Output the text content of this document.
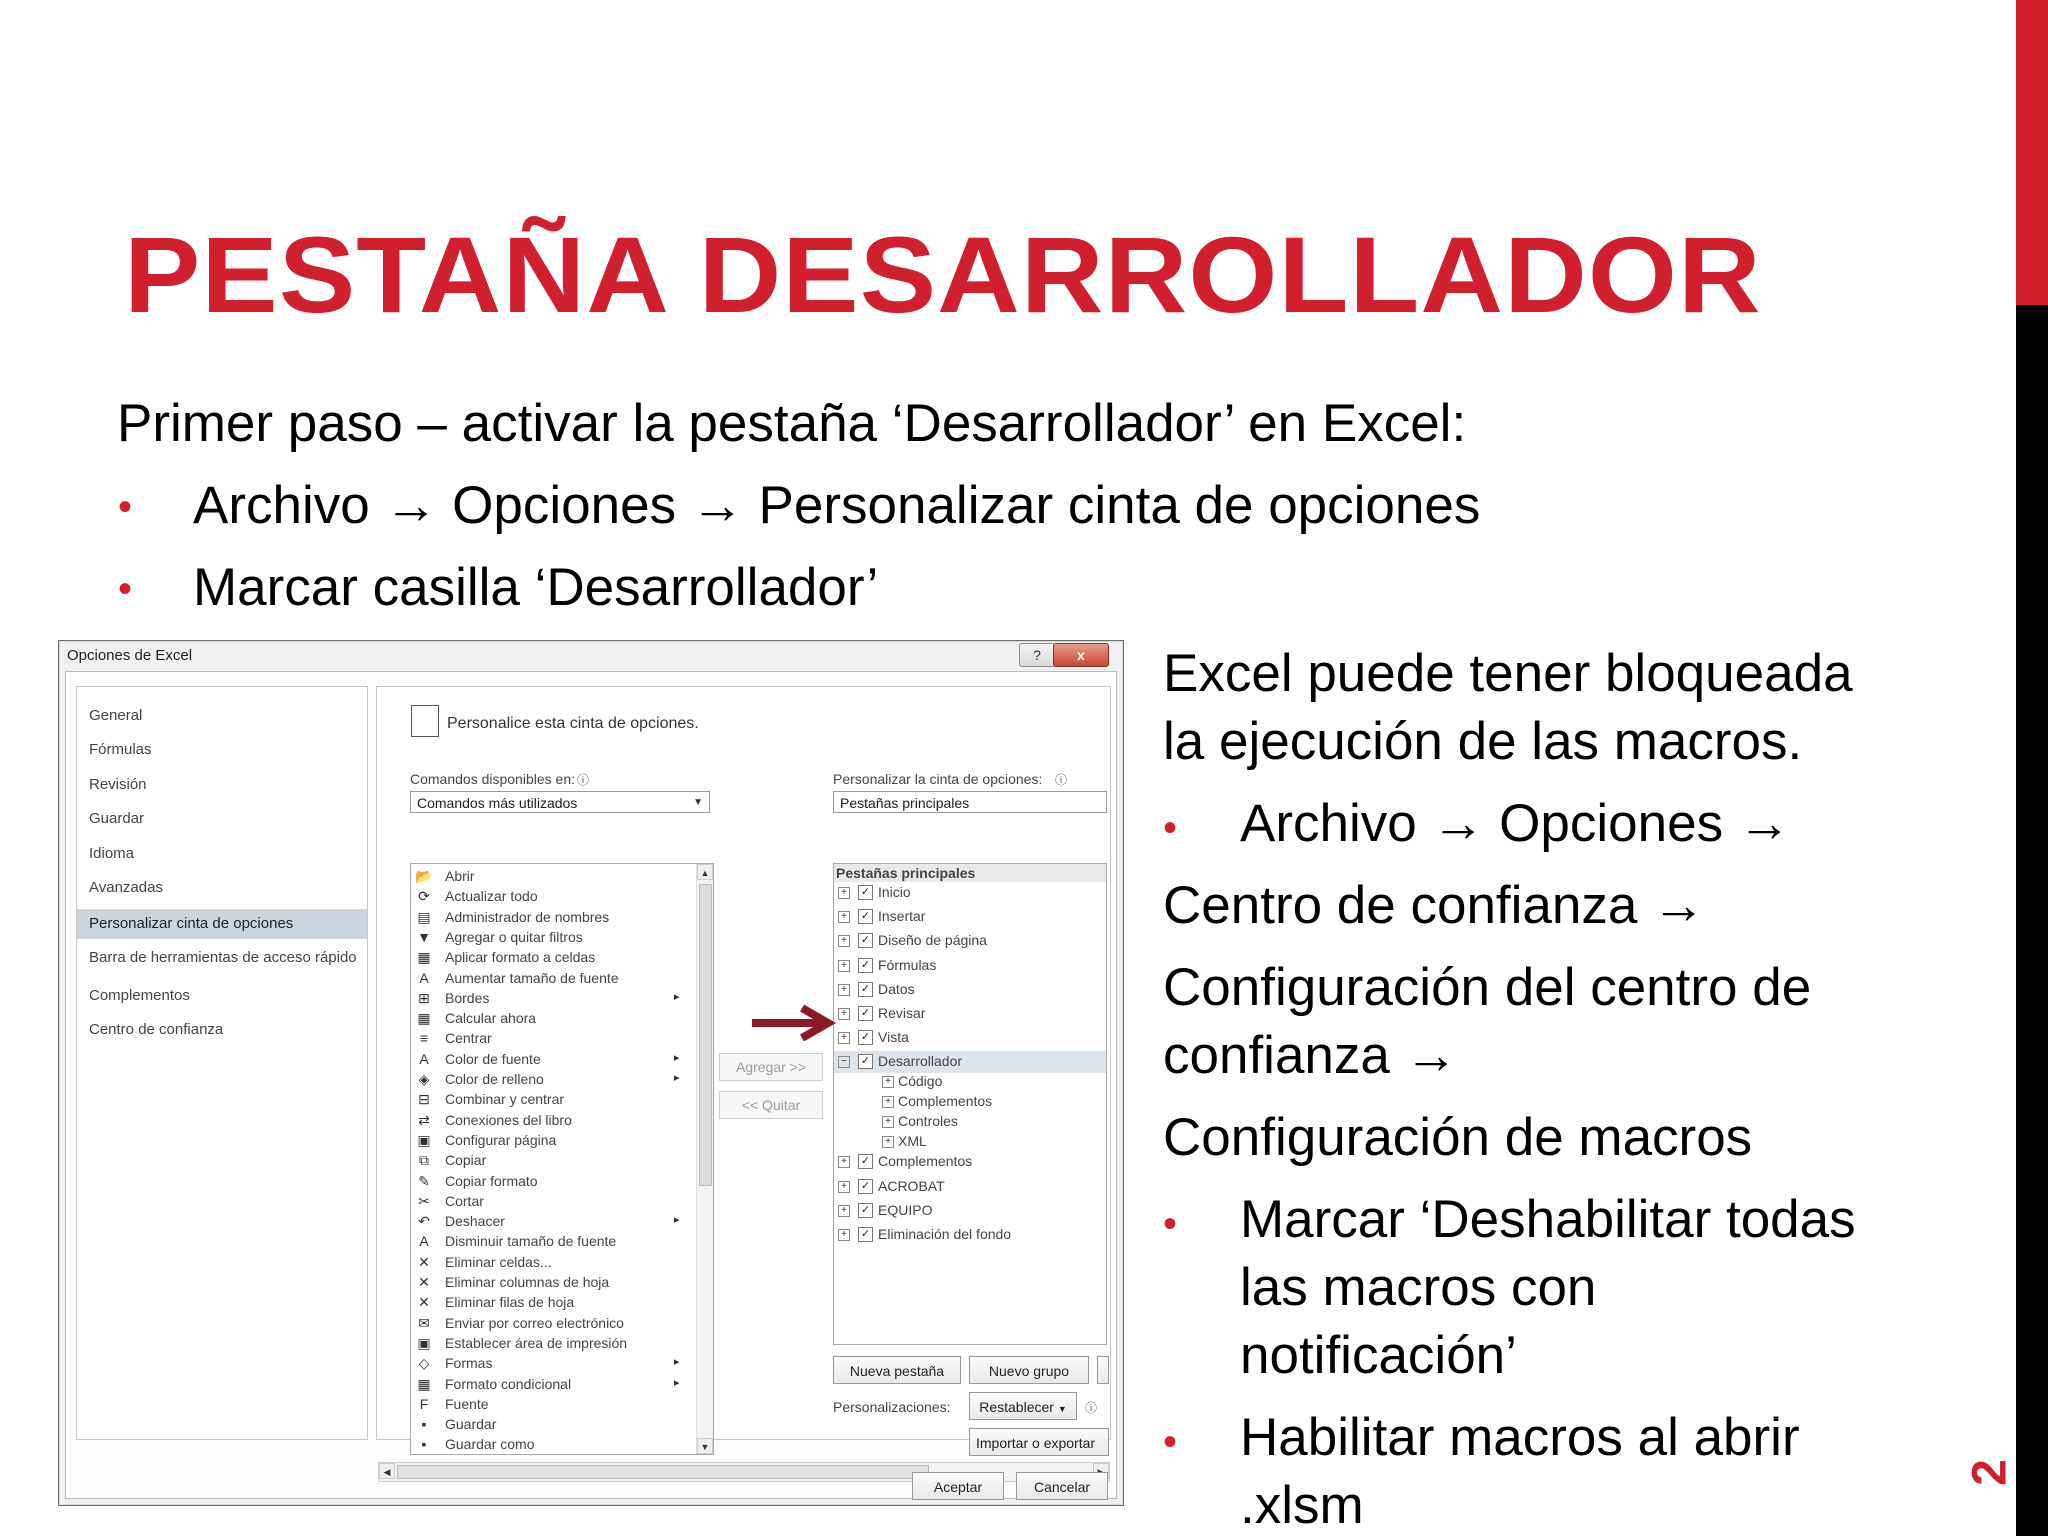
PESTAÑA DESARROLLADOR
2
Primer paso – activar la pestaña ‘Desarrollador’ en Excel:
• Archivo → Opciones → Personalizar cinta de opciones
• Marcar casilla ‘Desarrollador’
Excel puede tener bloqueada
la ejecución de las macros.
• Archivo → Opciones →
Centro de confianza →
Configuración del centro de
confianza →
Configuración de macros
• Marcar ‘Deshabilitar todas
las macros con
notificación’
• Habilitar macros al abrir
.xlsm
Opciones de Excel	?	x
General
Fórmulas
Revisión
Guardar
Idioma
Avanzadas
Personalizar cinta de opciones
Barra de herramientas de acceso rápido
Complementos
Centro de confianza
Personalice esta cinta de opciones.
Comandos disponibles en: ⓘ
Comandos más utilizados	▼
Personalizar la cinta de opciones: ⓘ
Pestañas principales
📂 Abrir
⟳ Actualizar todo
▤ Administrador de nombres
▼ Agregar o quitar filtros
▦ Aplicar formato a celdas
A	Aumentar tamaño de fuente
⊞ Bordes	▸
▦ Calcular ahora
≡	Centrar
A	Color de fuente	▸
◈ Color de relleno	▸
⊟ Combinar y centrar
⇄ Conexiones del libro
▣ Configurar página
⧉ Copiar
✎ Copiar formato
✂ Cortar
↶ Deshacer	▸
A	Disminuir tamaño de fuente
✕ Eliminar celdas...
✕ Eliminar columnas de hoja
✕ Eliminar filas de hoja
✉ Enviar por correo electrónico
▣ Establecer área de impresión
◇ Formas	▸
▦ Formato condicional	▸
F	Fuente
▪	Guardar
▪	Guardar como
▲
▼
Agregar >>
<< Quitar
Pestañas principales
+ ✓ Inicio
+ ✓ Insertar
+ ✓ Diseño de página
+ ✓ Fórmulas
+ ✓ Datos
+ ✓ Revisar
+ ✓ Vista
− ✓ Desarrollador
+ Código
+ Complementos
+ Controles
+ XML
+ ✓ Complementos
+ ✓ ACROBAT
+ ✓ EQUIPO
+ ✓ Eliminación del fondo
Nueva pestaña	Nuevo grupo
Personalizaciones:	Restablecer ▼	ⓘ
Importar o exportar
◀
Aceptar	Cancelar
